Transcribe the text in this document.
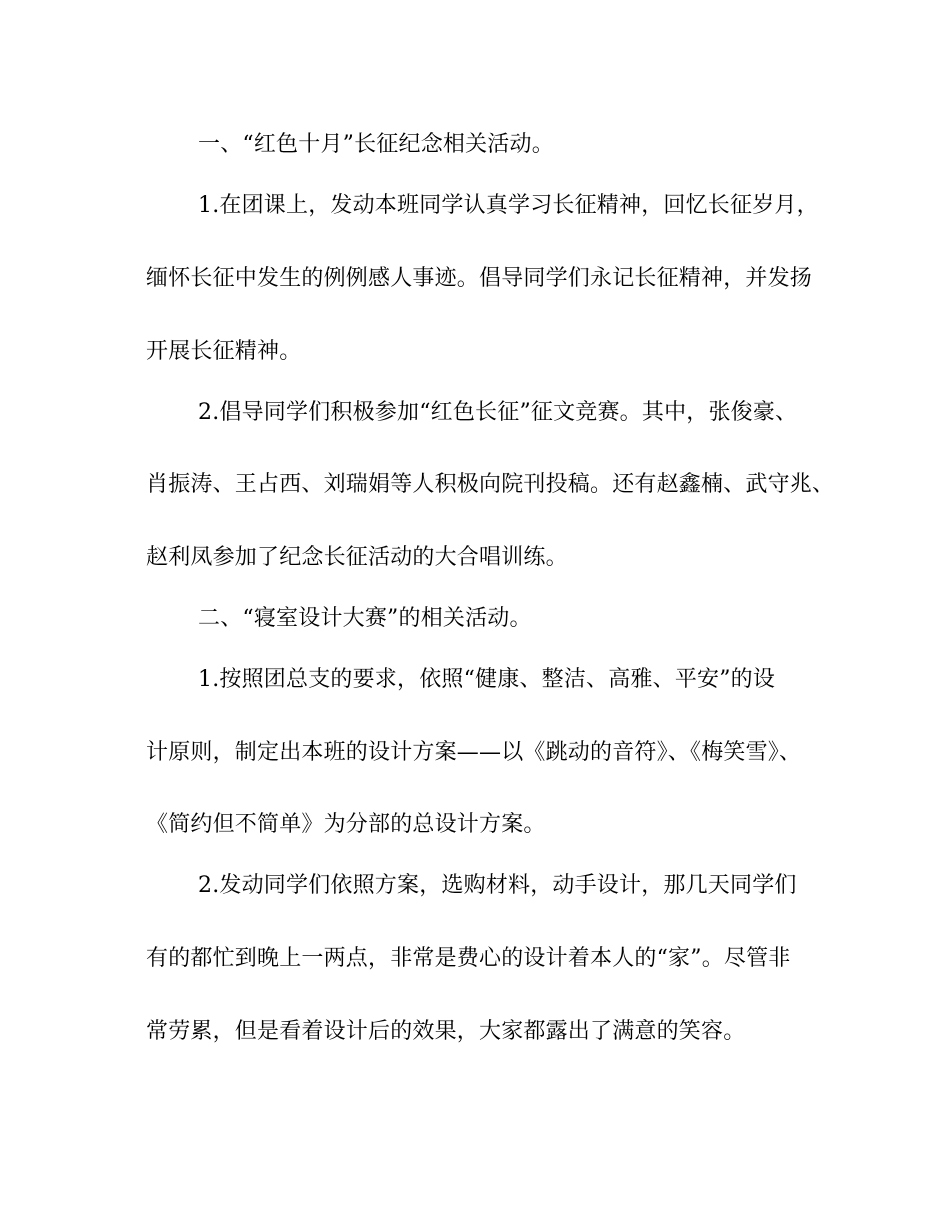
一、“红色十月”长征纪念相关活动。
1.在团课上，发动本班同学认真学习长征精神，回忆长征岁月，
缅怀长征中发生的例例感人事迹。倡导同学们永记长征精神，并发扬
开展长征精神。
2.倡导同学们积极参加“红色长征”征文竞赛。其中，张俊豪、
肖振涛、王占西、刘瑞娟等人积极向院刊投稿。还有赵鑫楠、武守兆、
赵利凤参加了纪念长征活动的大合唱训练。
二、“寝室设计大赛”的相关活动。
1.按照团总支的要求，依照“健康、整洁、高雅、平安”的设
计原则，制定出本班的设计方案——以《跳动的音符》、《梅笑雪》、
《简约但不简单》为分部的总设计方案。
2.发动同学们依照方案，选购材料，动手设计，那几天同学们
有的都忙到晚上一两点，非常是费心的设计着本人的“家”。尽管非
常劳累，但是看着设计后的效果，大家都露出了满意的笑容。
